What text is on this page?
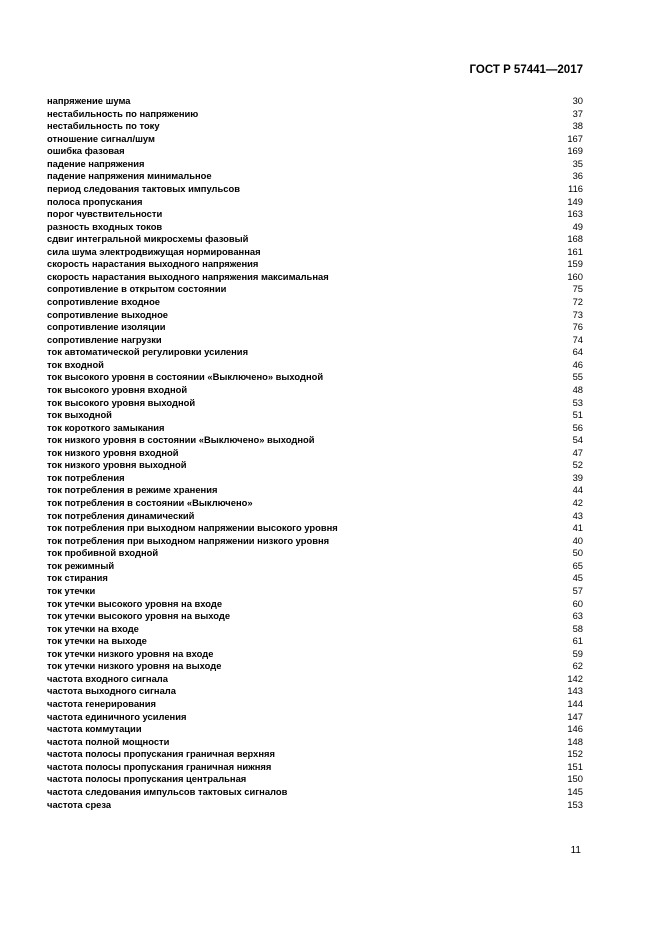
ГОСТ Р 57441—2017
напряжение шума	30
нестабильность по напряжению	37
нестабильность по току	38
отношение сигнал/шум	167
ошибка фазовая	169
падение напряжения	35
падение напряжения минимальное	36
период следования тактовых импульсов	116
полоса пропускания	149
порог чувствительности	163
разность входных токов	49
сдвиг интегральной микросхемы фазовый	168
сила шума электродвижущая нормированная	161
скорость нарастания выходного напряжения	159
скорость нарастания выходного напряжения максимальная	160
сопротивление в открытом состоянии	75
сопротивление входное	72
сопротивление выходное	73
сопротивление изоляции	76
сопротивление нагрузки	74
ток автоматической регулировки усиления	64
ток входной	46
ток высокого уровня в состоянии «Выключено» выходной	55
ток высокого уровня входной	48
ток высокого уровня выходной	53
ток выходной	51
ток короткого замыкания	56
ток низкого уровня в состоянии «Выключено» выходной	54
ток низкого уровня входной	47
ток низкого уровня выходной	52
ток потребления	39
ток потребления в режиме хранения	44
ток потребления в состоянии «Выключено»	42
ток потребления динамический	43
ток потребления при выходном напряжении высокого уровня	41
ток потребления при выходном напряжении низкого уровня	40
ток пробивной входной	50
ток режимный	65
ток стирания	45
ток утечки	57
ток утечки высокого уровня на входе	60
ток утечки высокого уровня на выходе	63
ток утечки на входе	58
ток утечки на выходе	61
ток утечки низкого уровня на входе	59
ток утечки низкого уровня на выходе	62
частота входного сигнала	142
частота выходного сигнала	143
частота генерирования	144
частота единичного усиления	147
частота коммутации	146
частота полной мощности	148
частота полосы пропускания граничная верхняя	152
частота полосы пропускания граничная нижняя	151
частота полосы пропускания центральная	150
частота следования импульсов тактовых сигналов	145
частота среза	153
11
